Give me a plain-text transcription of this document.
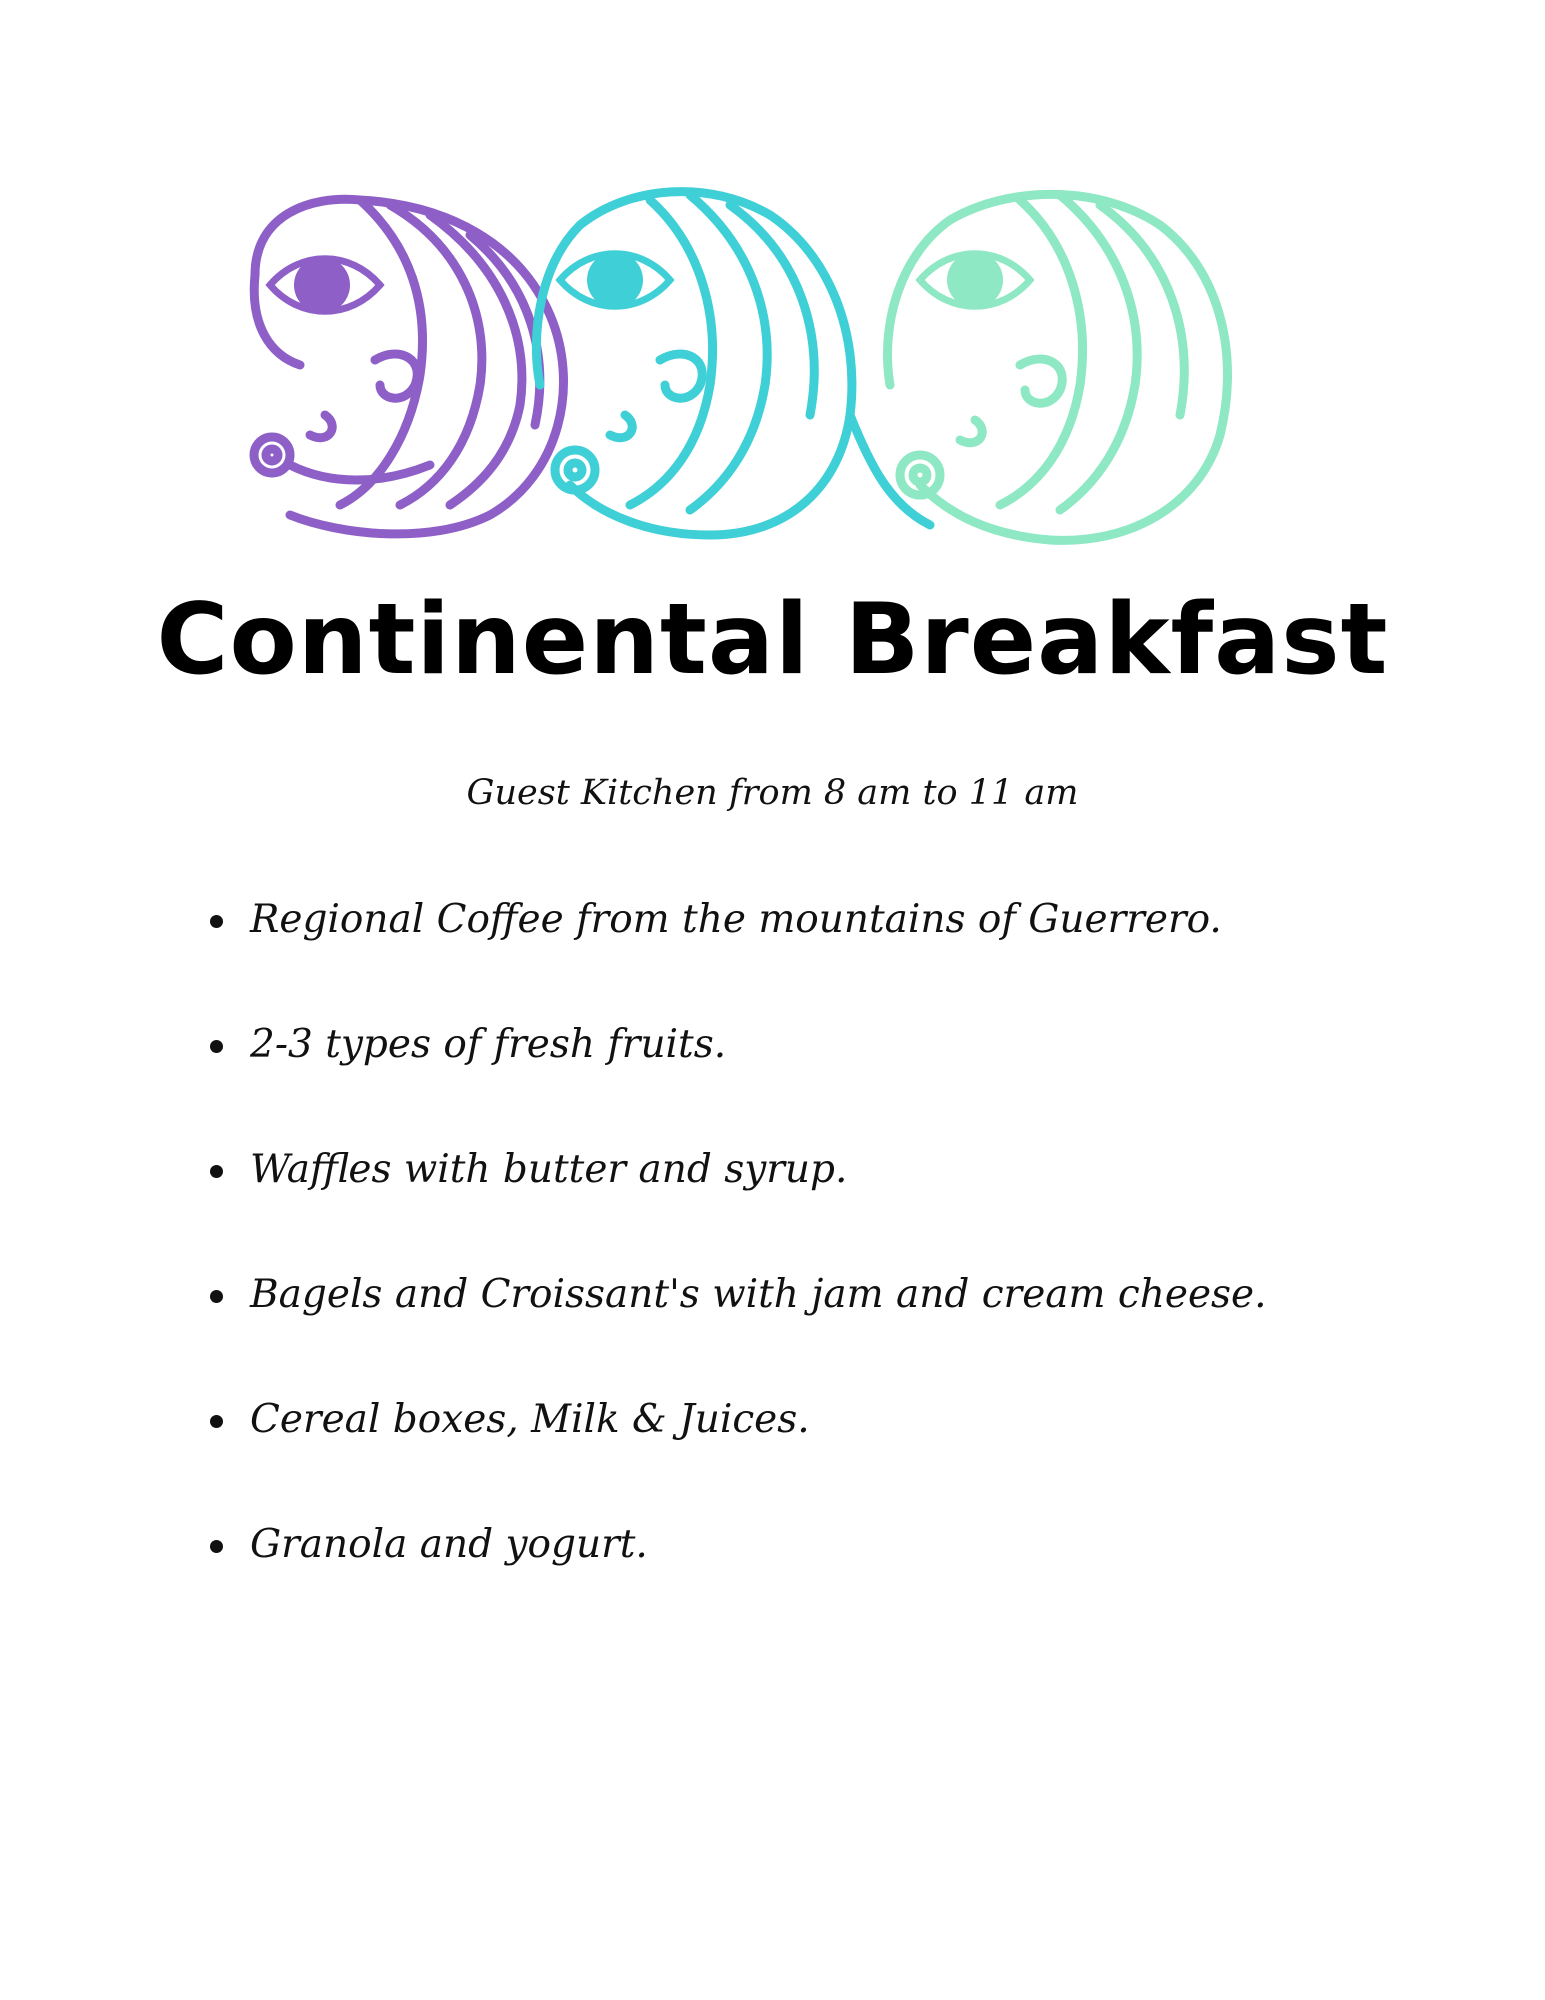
Continental Breakfast
Guest Kitchen from 8 am to 11 am
Regional Coffee from the mountains of Guerrero.
2-3 types of fresh fruits.
Waffles with butter and syrup.
Bagels and Croissant's with jam and cream cheese.
Cereal boxes, Milk & Juices.
Granola and yogurt.
